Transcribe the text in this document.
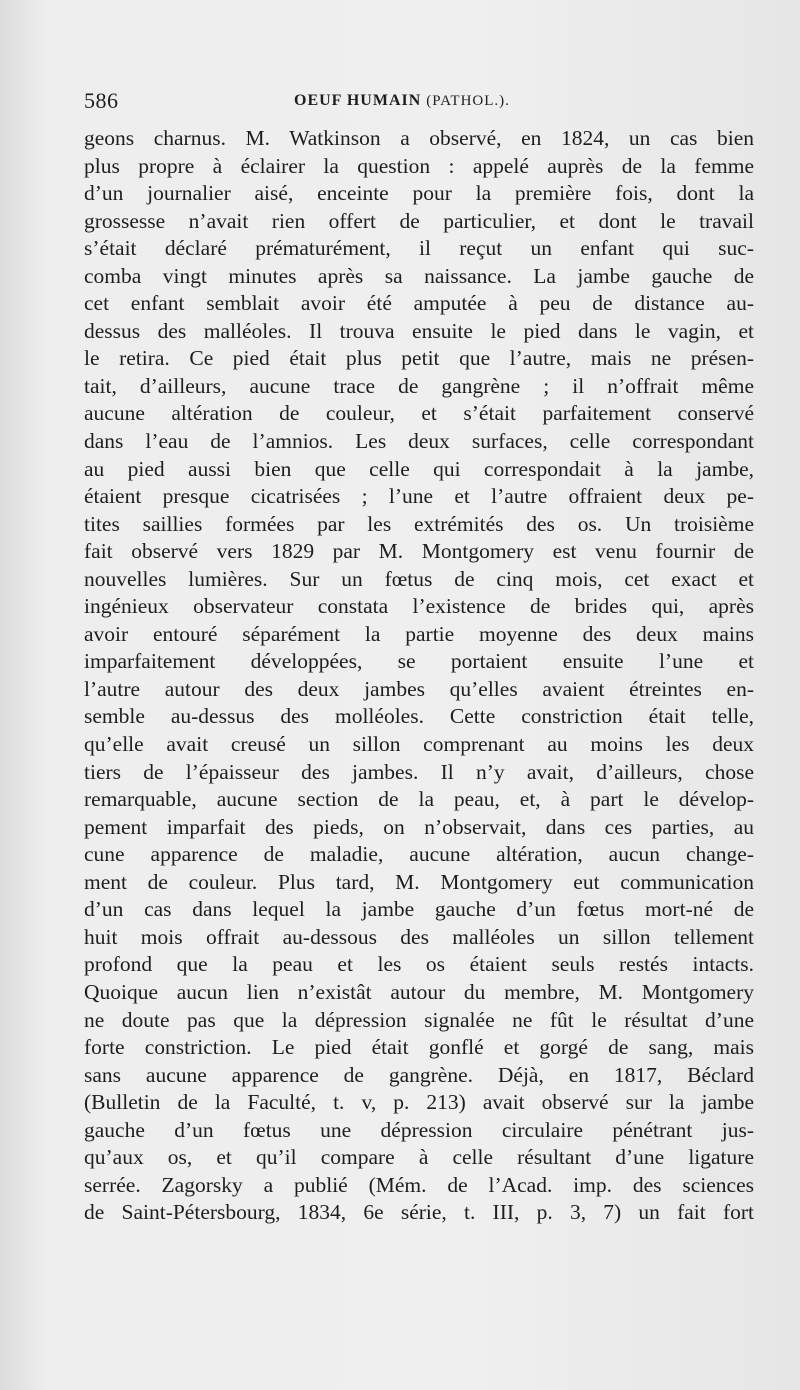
586	OEUF HUMAIN (PATHOL.).
geons charnus. M. Watkinson a observé, en 1824, un cas bien
plus propre à éclairer la question : appelé auprès de la femme
d’un journalier aisé, enceinte pour la première fois, dont la
grossesse n’avait rien offert de particulier, et dont le travail
s’était déclaré prématurément, il reçut un enfant qui suc-
comba vingt minutes après sa naissance. La jambe gauche de
cet enfant semblait avoir été amputée à peu de distance au-
dessus des malléoles. Il trouva ensuite le pied dans le vagin, et
le retira. Ce pied était plus petit que l’autre, mais ne présen-
tait, d’ailleurs, aucune trace de gangrène ; il n’offrait même
aucune altération de couleur, et s’était parfaitement conservé
dans l’eau de l’amnios. Les deux surfaces, celle correspondant
au pied aussi bien que celle qui correspondait à la jambe,
étaient presque cicatrisées ; l’une et l’autre offraient deux pe-
tites saillies formées par les extrémités des os. Un troisième
fait observé vers 1829 par M. Montgomery est venu fournir de
nouvelles lumières. Sur un fœtus de cinq mois, cet exact et
ingénieux observateur constata l’existence de brides qui, après
avoir entouré séparément la partie moyenne des deux mains
imparfaitement développées, se portaient ensuite l’une et
l’autre autour des deux jambes qu’elles avaient étreintes en-
semble au-dessus des molléoles. Cette constriction était telle,
qu’elle avait creusé un sillon comprenant au moins les deux
tiers de l’épaisseur des jambes. Il n’y avait, d’ailleurs, chose
remarquable, aucune section de la peau, et, à part le dévelop-
pement imparfait des pieds, on n’observait, dans ces parties, au
cune apparence de maladie, aucune altération, aucun change-
ment de couleur. Plus tard, M. Montgomery eut communication
d’un cas dans lequel la jambe gauche d’un fœtus mort-né de
huit mois offrait au-dessous des malléoles un sillon tellement
profond que la peau et les os étaient seuls restés intacts.
Quoique aucun lien n’existât autour du membre, M. Montgomery
ne doute pas que la dépression signalée ne fût le résultat d’une
forte constriction. Le pied était gonflé et gorgé de sang, mais
sans aucune apparence de gangrène. Déjà, en 1817, Béclard
(Bulletin de la Faculté, t. v, p. 213) avait observé sur la jambe
gauche d’un fœtus une dépression circulaire pénétrant jus-
qu’aux os, et qu’il compare à celle résultant d’une ligature
serrée. Zagorsky a publié (Mém. de l’Acad. imp. des sciences
de Saint-Pétersbourg, 1834, 6e série, t. III, p. 3, 7) un fait fort
